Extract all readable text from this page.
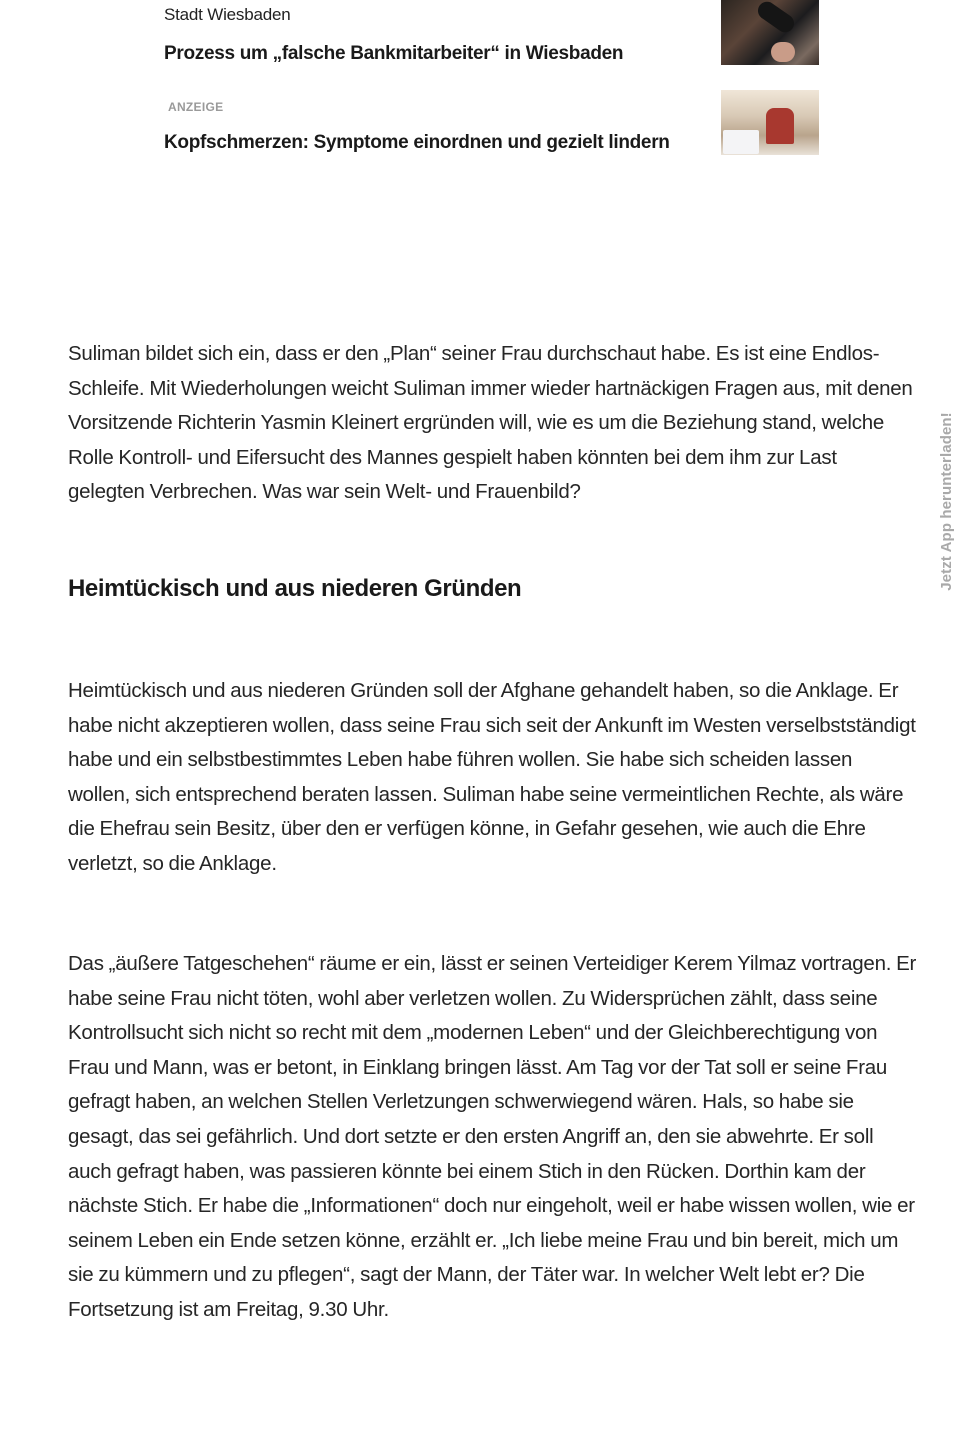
Stadt Wiesbaden
Prozess um „falsche Bankmitarbeiter“ in Wiesbaden
ANZEIGE
Kopfschmerzen: Symptome einordnen und gezielt lindern

Suliman bildet sich ein, dass er den „Plan“ seiner Frau durchschaut habe. Es ist eine Endlos-Schleife. Mit Wiederholungen weicht Suliman immer wieder hartnäckigen Fragen aus, mit denen Vorsitzende Richterin Yasmin Kleinert ergründen will, wie es um die Beziehung stand, welche Rolle Kontroll- und Eifersucht des Mannes gespielt haben könnten bei dem ihm zur Last gelegten Verbrechen. Was war sein Welt- und Frauenbild?

Heimtückisch und aus niederen Gründen

Heimtückisch und aus niederen Gründen soll der Afghane gehandelt haben, so die Anklage. Er habe nicht akzeptieren wollen, dass seine Frau sich seit der Ankunft im Westen verselbstständigt habe und ein selbstbestimmtes Leben habe führen wollen. Sie habe sich scheiden lassen wollen, sich entsprechend beraten lassen. Suliman habe seine vermeintlichen Rechte, als wäre die Ehefrau sein Besitz, über den er verfügen könne, in Gefahr gesehen, wie auch die Ehre verletzt, so die Anklage.

Das „äußere Tatgeschehen“ räume er ein, lässt er seinen Verteidiger Kerem Yilmaz vortragen. Er habe seine Frau nicht töten, wohl aber verletzen wollen. Zu Widersprüchen zählt, dass seine Kontrollsucht sich nicht so recht mit dem „modernen Leben“ und der Gleichberechtigung von Frau und Mann, was er betont, in Einklang bringen lässt. Am Tag vor der Tat soll er seine Frau gefragt haben, an welchen Stellen Verletzungen schwerwiegend wären. Hals, so habe sie gesagt, das sei gefährlich. Und dort setzte er den ersten Angriff an, den sie abwehrte. Er soll auch gefragt haben, was passieren könnte bei einem Stich in den Rücken. Dorthin kam der nächste Stich. Er habe die „Informationen“ doch nur eingeholt, weil er habe wissen wollen, wie er seinem Leben ein Ende setzen könne, erzählt er. „Ich liebe meine Frau und bin bereit, mich um sie zu kümmern und zu pflegen“, sagt der Mann, der Täter war. In welcher Welt lebt er? Die Fortsetzung ist am Freitag, 9.30 Uhr.

Jetzt App herunterladen!
